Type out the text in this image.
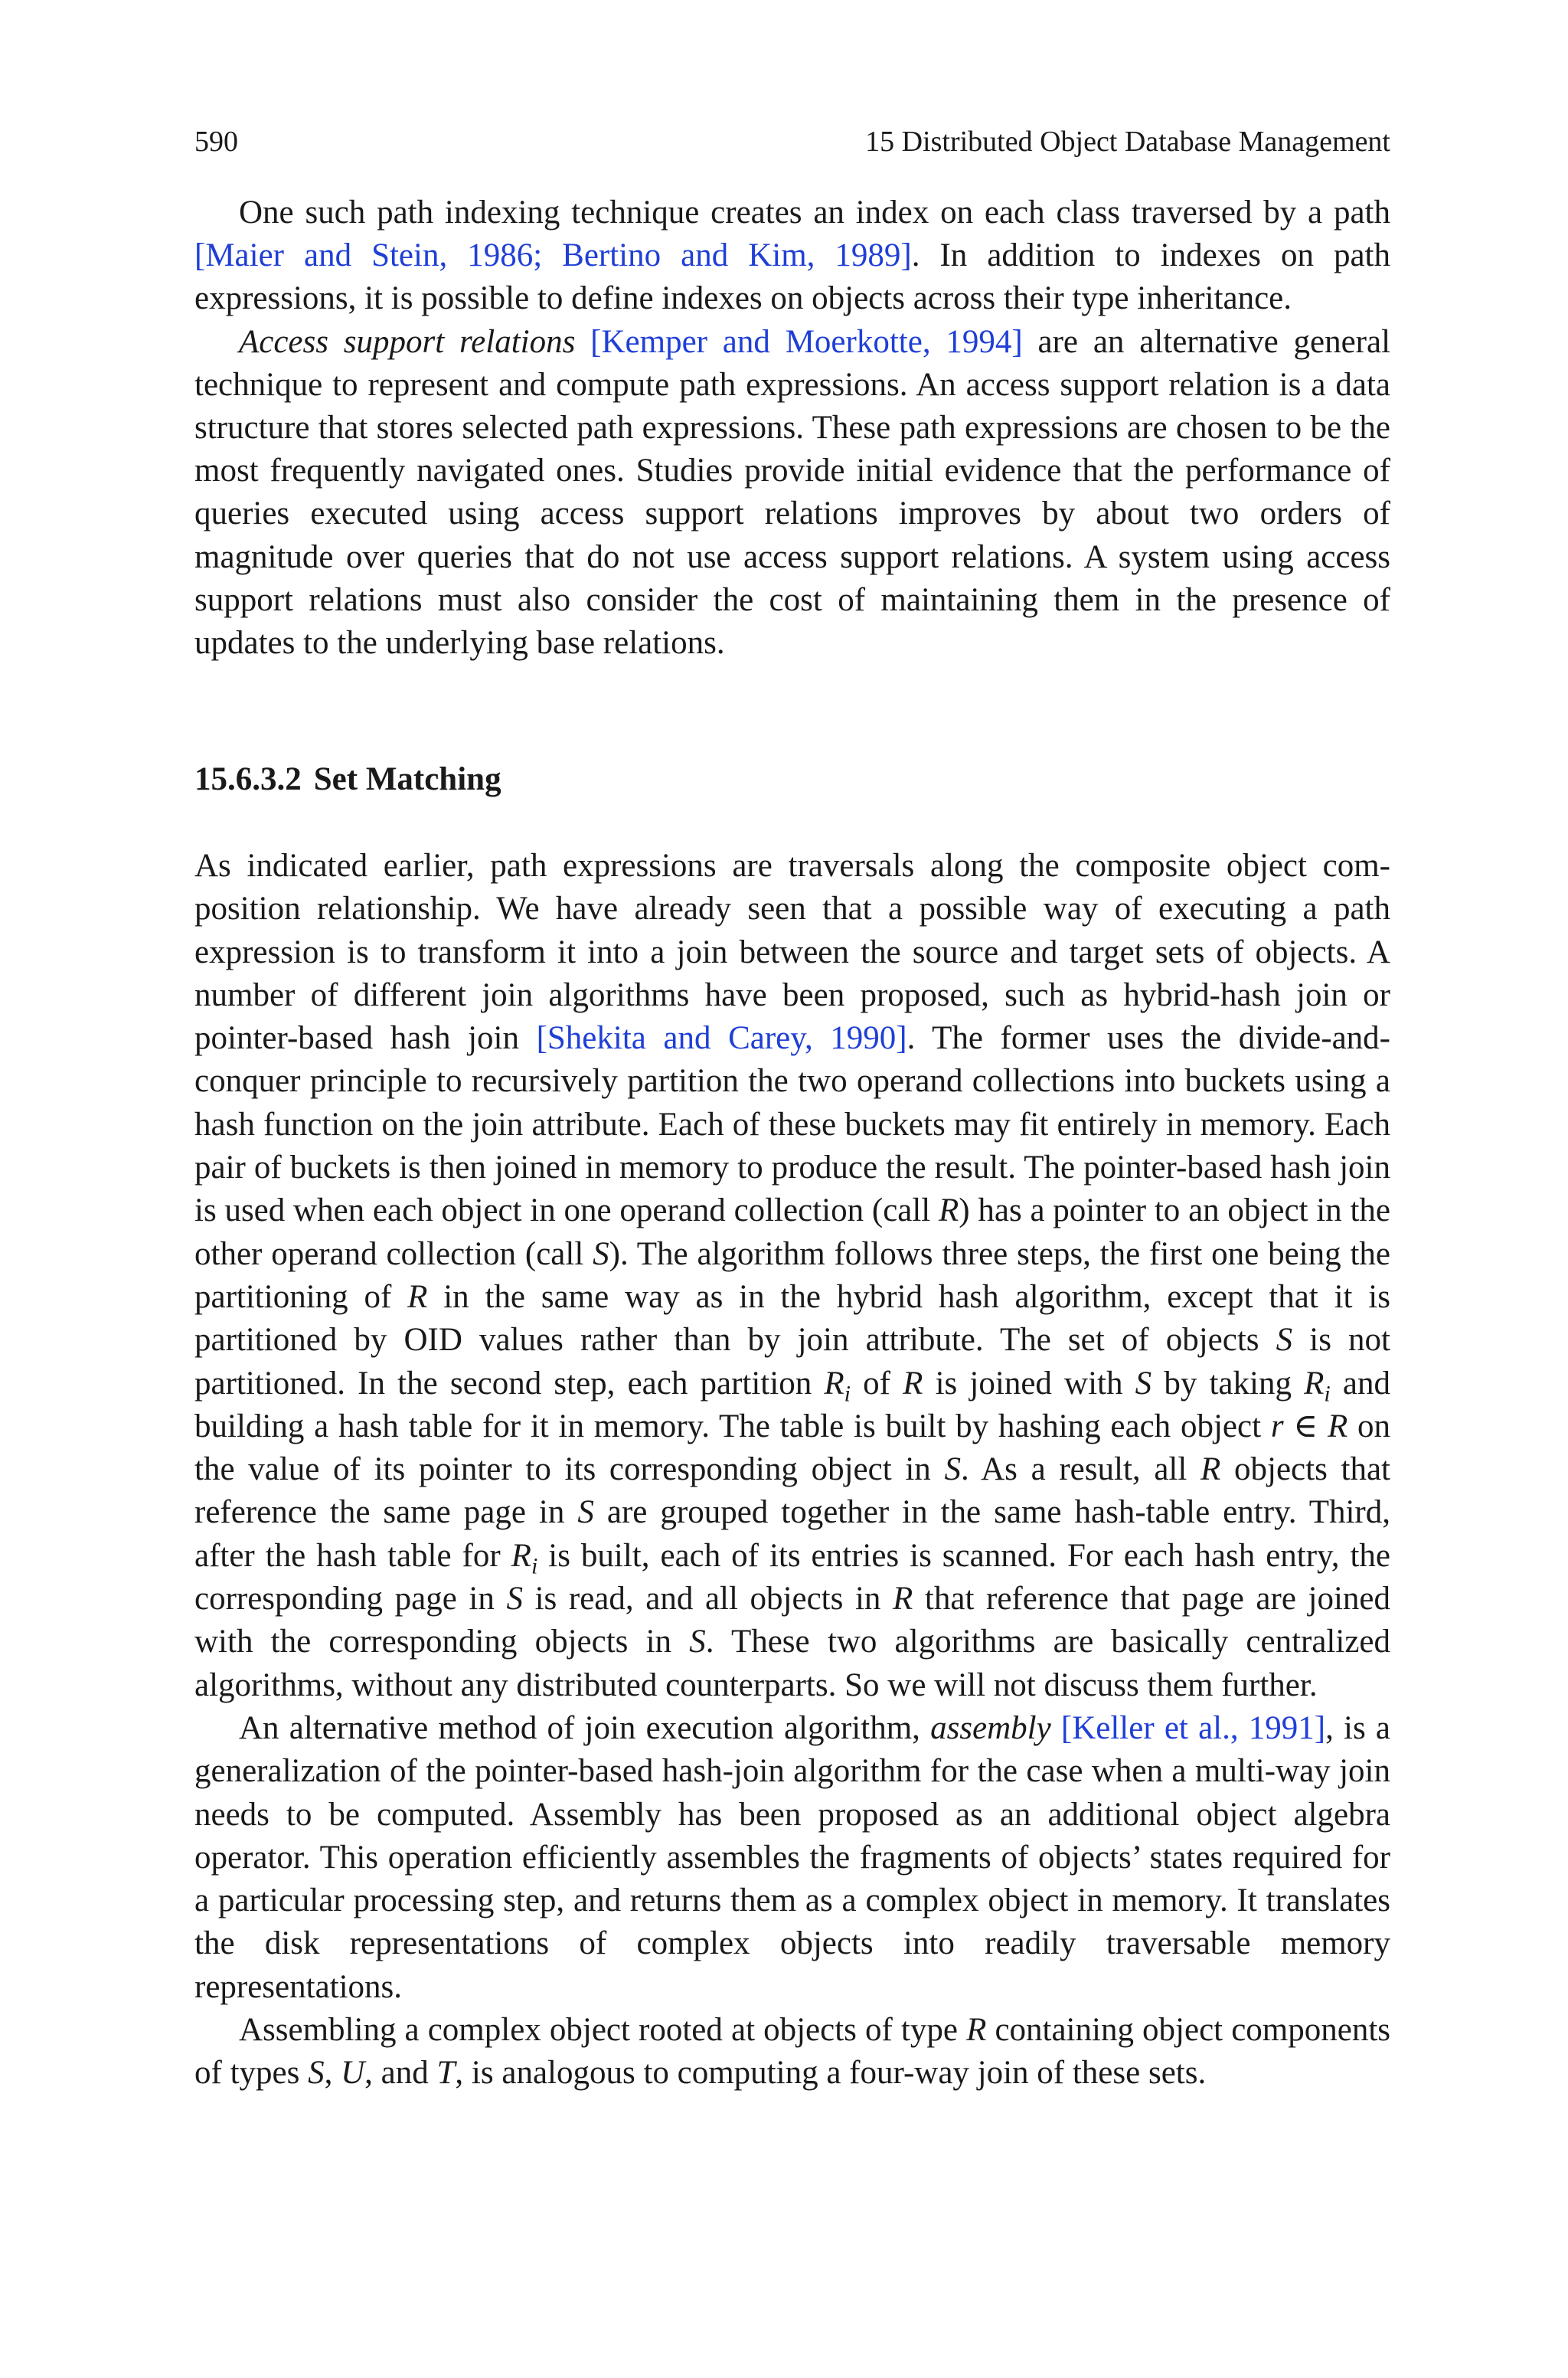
590	15 Distributed Object Database Management

One such path indexing technique creates an index on each class traversed by a path [Maier and Stein, 1986; Bertino and Kim, 1989]. In addition to indexes on path expressions, it is possible to define indexes on objects across their type inheritance.

Access support relations [Kemper and Moerkotte, 1994] are an alternative general technique to represent and compute path expressions. An access support relation is a data structure that stores selected path expressions. These path expressions are chosen to be the most frequently navigated ones. Studies provide initial evidence that the performance of queries executed using access support relations improves by about two orders of magnitude over queries that do not use access support relations. A system using access support relations must also consider the cost of maintaining them in the presence of updates to the underlying base relations.

15.6.3.2 Set Matching

As indicated earlier, path expressions are traversals along the composite object composition relationship. We have already seen that a possible way of executing a path expression is to transform it into a join between the source and target sets of objects. A number of different join algorithms have been proposed, such as hybrid-hash join or pointer-based hash join [Shekita and Carey, 1990]. The former uses the divide-and-conquer principle to recursively partition the two operand collections into buckets using a hash function on the join attribute. Each of these buckets may fit entirely in memory. Each pair of buckets is then joined in memory to produce the result. The pointer-based hash join is used when each object in one operand collection (call R) has a pointer to an object in the other operand collection (call S). The algorithm follows three steps, the first one being the partitioning of R in the same way as in the hybrid hash algorithm, except that it is partitioned by OID values rather than by join attribute. The set of objects S is not partitioned. In the second step, each partition $R_i$ of R is joined with S by taking $R_i$ and building a hash table for it in memory. The table is built by hashing each object r ∈ R on the value of its pointer to its corresponding object in S. As a result, all R objects that reference the same page in S are grouped together in the same hash-table entry. Third, after the hash table for $R_i$ is built, each of its entries is scanned. For each hash entry, the corresponding page in S is read, and all objects in R that reference that page are joined with the corresponding objects in S. These two algorithms are basically centralized algorithms, without any distributed counterparts. So we will not discuss them further.

An alternative method of join execution algorithm, assembly [Keller et al., 1991], is a generalization of the pointer-based hash-join algorithm for the case when a multi-way join needs to be computed. Assembly has been proposed as an additional object algebra operator. This operation efficiently assembles the fragments of objects’ states required for a particular processing step, and returns them as a complex object in memory. It translates the disk representations of complex objects into readily traversable memory representations.

Assembling a complex object rooted at objects of type R containing object components of types S, U, and T, is analogous to computing a four-way join of these sets.
